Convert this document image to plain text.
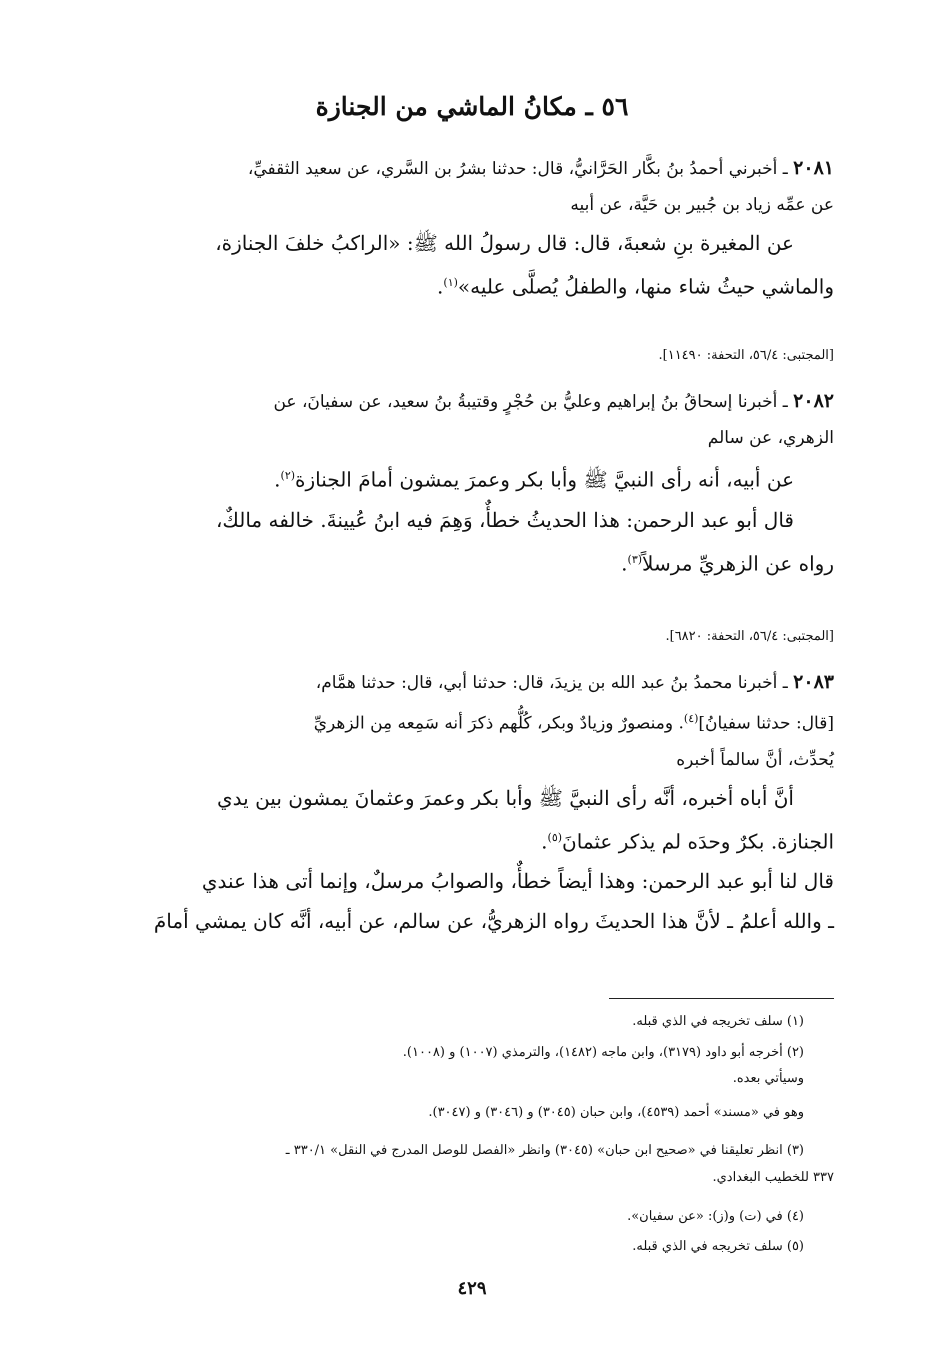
٥٦ ـ مكانُ الماشي من الجنازة

٢٠٨١ ـ أخبرني أحمدُ بنُ بكَّار الحَرَّانيُّ، قال: حدثنا بشرُ بن السَّري، عن سعيد الثقفيِّ،

عن عمِّه زياد بن جُبير بن حَيَّة، عن أبيه

عن المغيرة بنِ شعبةَ، قال: قال رسولُ الله ﷺ: «الراكبُ خلفَ الجنازة،

والماشي حيثُ شاء منها، والطفلُ يُصلَّى عليه»$^{(١)}$.

[المجتبى: ٥٦/٤، التحفة: ١١٤٩٠].

٢٠٨٢ ـ أخبرنا إسحاقُ بنُ إبراهيم وعليُّ بن حُجْرٍ وقتيبةُ بنُ سعيد، عن سفيانَ، عن

الزهري، عن سالم

عن أبيه، أنه رأى النبيَّ ﷺ وأبا بكر وعمرَ يمشون أمامَ الجنازة$^{(٢)}$.

قال أبو عبد الرحمن: هذا الحديثُ خطأٌ، وَهِمَ فيه ابنُ عُيينةَ. خالفه مالكٌ،

رواه عن الزهريِّ مرسلاً$^{(٣)}$.

[المجتبى: ٥٦/٤، التحفة: ٦٨٢٠].

٢٠٨٣ ـ أخبرنا محمدُ بنُ عبد الله بن يزيدَ، قال: حدثنا أبي، قال: حدثنا همَّام،

[قال: حدثنا سفيانُ]$^{(٤)}$. ومنصورٌ وزيادٌ وبكر، كُلُّهم ذكرَ أنه سَمِعه مِن الزهريِّ

يُحدِّث، أنَّ سالماً أخبره

أنَّ أباه أخبره، أنَّه رأى النبيَّ ﷺ وأبا بكر وعمرَ وعثمانَ يمشون بين يدي

الجنازة. بكرٌ وحدَه لم يذكر عثمانَ$^{(٥)}$.

قال لنا أبو عبد الرحمن: وهذا أيضاً خطأٌ، والصوابُ مرسلٌ، وإنما أتى هذا عندي

ـ والله أعلمُ ـ لأنَّ هذا الحديثَ رواه الزهريُّ، عن سالم، عن أبيه، أنَّه كان يمشي أمامَ

(١) سلف تخريجه في الذي قبله.

(٢) أخرجه أبو داود (٣١٧٩)، وابن ماجه (١٤٨٢)، والترمذي (١٠٠٧) و (١٠٠٨).

وسيأتي بعده.

وهو في «مسند» أحمد (٤٥٣٩)، وابن حبان (٣٠٤٥) و (٣٠٤٦) و (٣٠٤٧).

(٣) انظر تعليقنا في «صحيح ابن حبان» (٣٠٤٥) وانظر «الفصل للوصل المدرج في النقل» ٣٣٠/١ ـ

٣٣٧ للخطيب البغدادي.

(٤) في (ت) و(ز): «عن سفيان».

(٥) سلف تخريجه في الذي قبله.

٤٢٩
